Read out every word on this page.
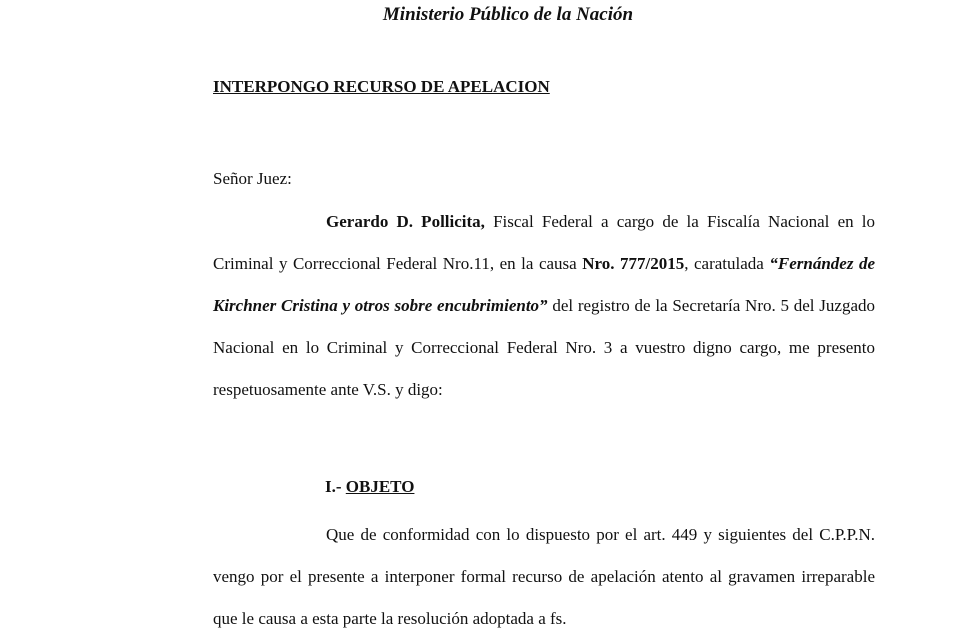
Ministerio Público de la Nación
INTERPONGO RECURSO DE APELACION
Señor Juez:
Gerardo D. Pollicita, Fiscal Federal a cargo de la Fiscalía Nacional en lo Criminal y Correccional Federal Nro.11, en la causa Nro. 777/2015, caratulada “Fernández de Kirchner Cristina y otros sobre encubrimiento” del registro de la Secretaría Nro. 5 del Juzgado Nacional en lo Criminal y Correccional Federal Nro. 3 a vuestro digno cargo, me presento respetuosamente ante V.S. y digo:
I.- OBJETO
Que de conformidad con lo dispuesto por el art. 449 y siguientes del C.P.P.N. vengo por el presente a interponer formal recurso de apelación atento al gravamen irreparable que le causa a esta parte la resolución adoptada a fs.
